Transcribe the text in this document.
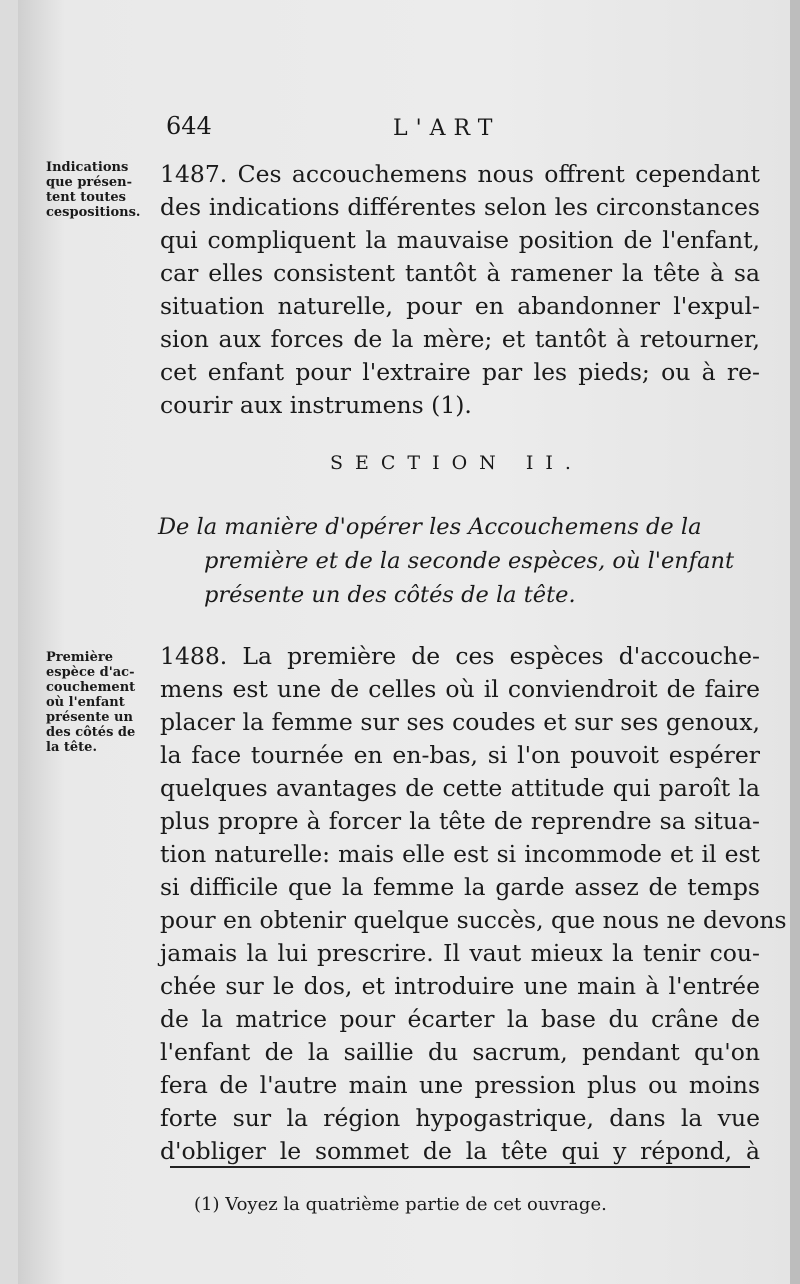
644	L'ART
Indications
que présen-
tent toutes
cespositions.
1487. Ces accouchemens nous offrent cependant
des indications différentes selon les circonstances
qui compliquent la mauvaise position de l'enfant,
car elles consistent tantôt à ramener la tête à sa
situation naturelle, pour en abandonner l'expul-
sion aux forces de la mère; et tantôt à retourner,
cet enfant pour l'extraire par les pieds; ou à re-
courir aux instrumens (1).
SECTION II.
De la manière d'opérer les Accouchemens de la
première et de la seconde espèces, où l'enfant
présente un des côtés de la tête.
Première
espèce d'ac-
couchement
où l'enfant
présente un
des côtés de
la tête.
1488. La première de ces espèces d'accouche-
mens est une de celles où il conviendroit de faire
placer la femme sur ses coudes et sur ses genoux,
la face tournée en en-bas, si l'on pouvoit espérer
quelques avantages de cette attitude qui paroît la
plus propre à forcer la tête de reprendre sa situa-
tion naturelle: mais elle est si incommode et il est
si difficile que la femme la garde assez de temps
pour en obtenir quelque succès, que nous ne devons
jamais la lui prescrire. Il vaut mieux la tenir cou-
chée sur le dos, et introduire une main à l'entrée
de la matrice pour écarter la base du crâne de
l'enfant de la saillie du sacrum, pendant qu'on
fera de l'autre main une pression plus ou moins
forte sur la région hypogastrique, dans la vue
d'obliger le sommet de la tête qui y répond, à
(1) Voyez la quatrième partie de cet ouvrage.
